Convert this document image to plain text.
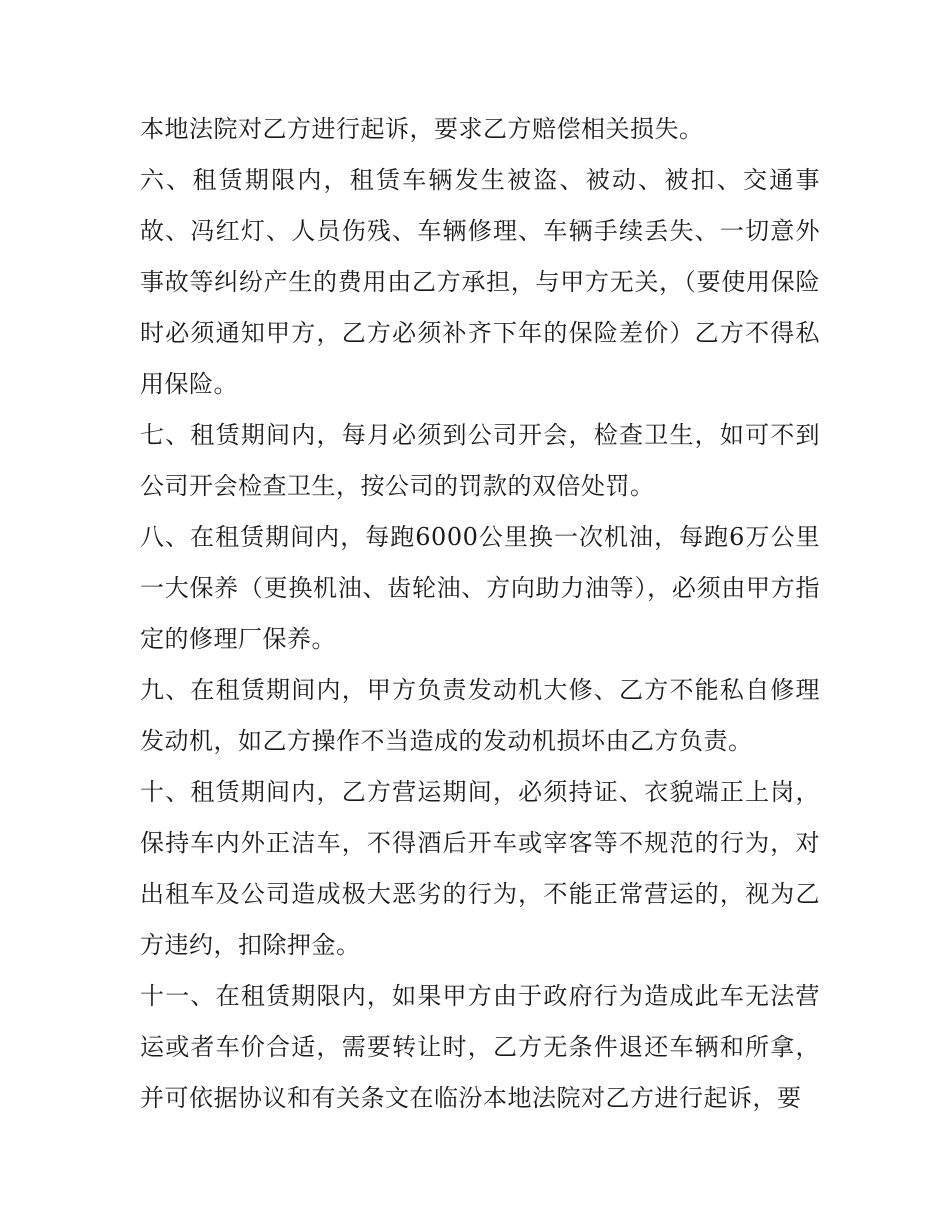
本地法院对乙方进行起诉，要求乙方赔偿相关损失。

六、租赁期限内，租赁车辆发生被盗、被动、被扣、交通事故、冯红灯、人员伤残、车辆修理、车辆手续丢失、一切意外事故等纠纷产生的费用由乙方承担，与甲方无关，（要使用保险时必须通知甲方，乙方必须补齐下年的保险差价）乙方不得私用保险。

七、租赁期间内，每月必须到公司开会，检查卫生，如可不到公司开会检查卫生，按公司的罚款的双倍处罚。

八、在租赁期间内，每跑6000公里换一次机油，每跑6万公里一大保养（更换机油、齿轮油、方向助力油等），必须由甲方指定的修理厂保养。

九、在租赁期间内，甲方负责发动机大修、乙方不能私自修理发动机，如乙方操作不当造成的发动机损坏由乙方负责。

十、租赁期间内，乙方营运期间，必须持证、衣貌端正上岗，保持车内外正洁车，不得酒后开车或宰客等不规范的行为，对出租车及公司造成极大恶劣的行为，不能正常营运的，视为乙方违约，扣除押金。

十一、在租赁期限内，如果甲方由于政府行为造成此车无法营运或者车价合适，需要转让时，乙方无条件退还车辆和所拿，并可依据协议和有关条文在临汾本地法院对乙方进行起诉，要
